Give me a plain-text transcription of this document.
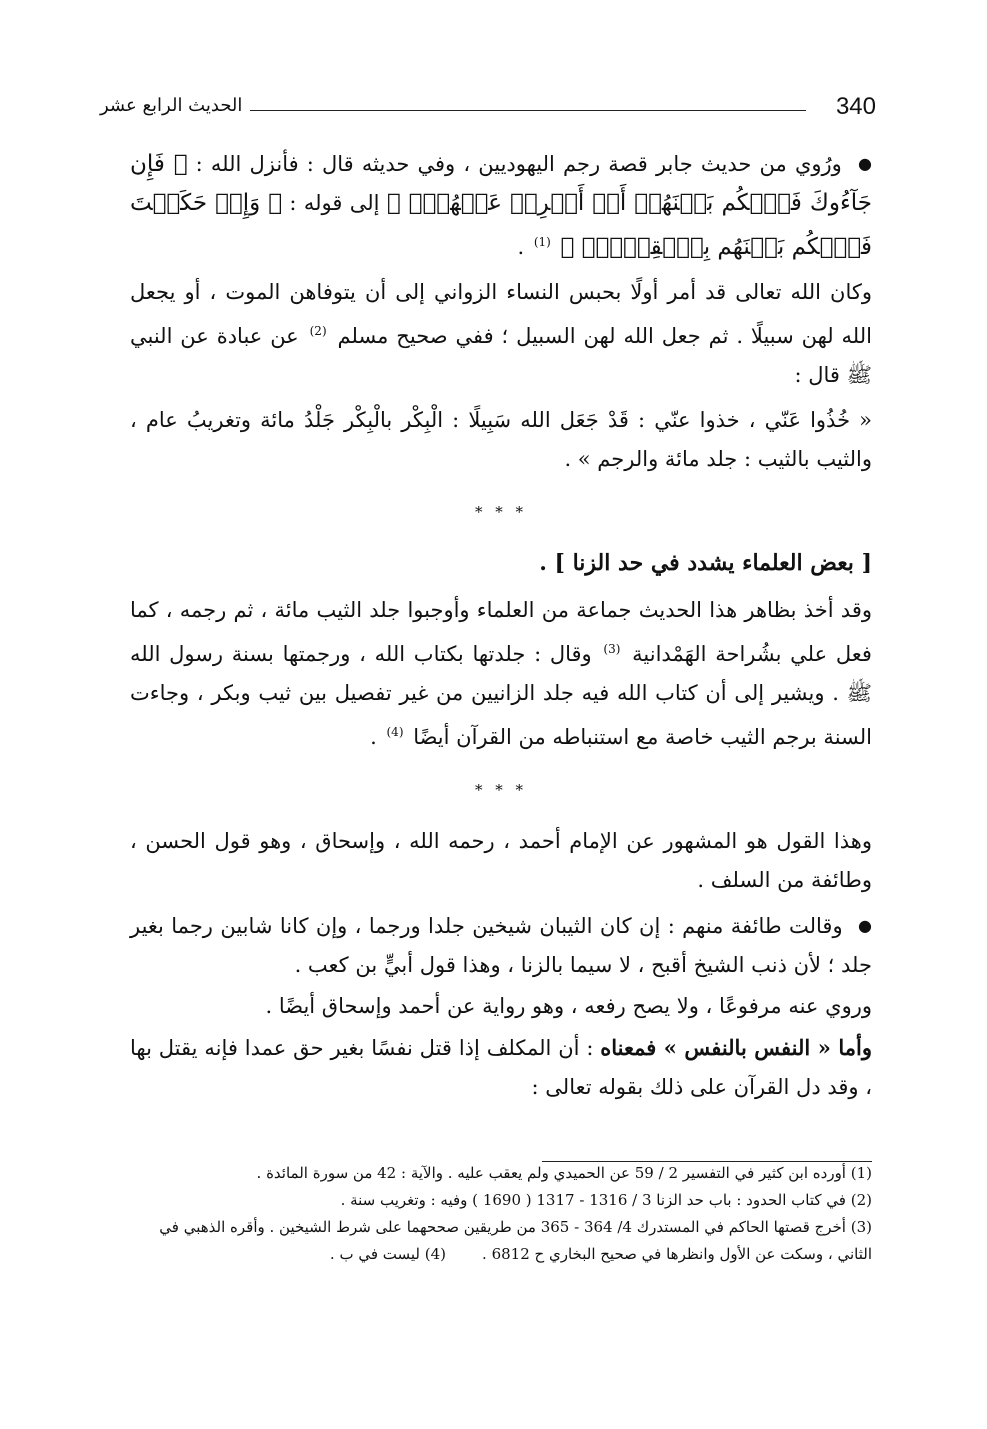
الحديث الرابع عشر	340

● ورُوي من حديث جابر قصة رجم اليهوديين ، وفي حديثه قال : فأنزل الله : ﴿ فَإِن جَآءُوكَ فَٱحۡكُم بَيۡنَهُمۡ أَوۡ أَعۡرِضۡ عَنۡهُمۡۖ ﴾ إلى قوله : ﴿ وَإِنۡ حَكَمۡتَ فَٱحۡكُم بَيۡنَهُم بِٱلۡقِسۡطِۚ ﴾ $^{(1)}$ .

وكان الله تعالى قد أمر أولًا بحبس النساء الزواني إلى أن يتوفاهن الموت ، أو يجعل الله لهن سبيلًا . ثم جعل الله لهن السبيل ؛ ففي صحيح مسلم $^{(2)}$ عن عبادة عن النبي ﷺ قال :

« خُذُوا عَنّي ، خذوا عنّي : قَدْ جَعَل الله سَبِيلًا : الْبِكْر بالْبِكْر جَلْدُ مائة وتغريبُ عام ، والثيب بالثيب : جلد مائة والرجم » .

* * *

[ بعض العلماء يشدد في حد الزنا ] .

وقد أخذ بظاهر هذا الحديث جماعة من العلماء وأوجبوا جلد الثيب مائة ، ثم رجمه ، كما فعل علي بشُراحة الهَمْدانية $^{(3)}$ وقال : جلدتها بكتاب الله ، ورجمتها بسنة رسول الله ﷺ . ويشير إلى أن كتاب الله فيه جلد الزانيين من غير تفصيل بين ثيب وبكر ، وجاءت السنة برجم الثيب خاصة مع استنباطه من القرآن أيضًا $^{(4)}$ .

* * *

وهذا القول هو المشهور عن الإمام أحمد ، رحمه الله ، وإسحاق ، وهو قول الحسن ، وطائفة من السلف .

● وقالت طائفة منهم : إن كان الثيبان شيخين جلدا ورجما ، وإن كانا شابين رجما بغير جلد ؛ لأن ذنب الشيخ أقبح ، لا سيما بالزنا ، وهذا قول أبيٍّ بن كعب .

وروي عنه مرفوعًا ، ولا يصح رفعه ، وهو رواية عن أحمد وإسحاق أيضًا .

وأما « النفس بالنفس » فمعناه : أن المكلف إذا قتل نفسًا بغير حق عمدا فإنه يقتل بها ، وقد دل القرآن على ذلك بقوله تعالى :

(1) أورده ابن كثير في التفسير 2 / 59 عن الحميدي ولم يعقب عليه . والآية : 42 من سورة المائدة .

(2) في كتاب الحدود : باب حد الزنا 3 / 1316 - 1317 ( 1690 ) وفيه : وتغريب سنة .

(3) أخرج قصتها الحاكم في المستدرك 4/ 364 - 365 من طريقين صححهما على شرط الشيخين . وأقره الذهبي في الثاني ، وسكت عن الأول وانظرها في صحيح البخاري ح 6812 .(4) ليست في ب .
